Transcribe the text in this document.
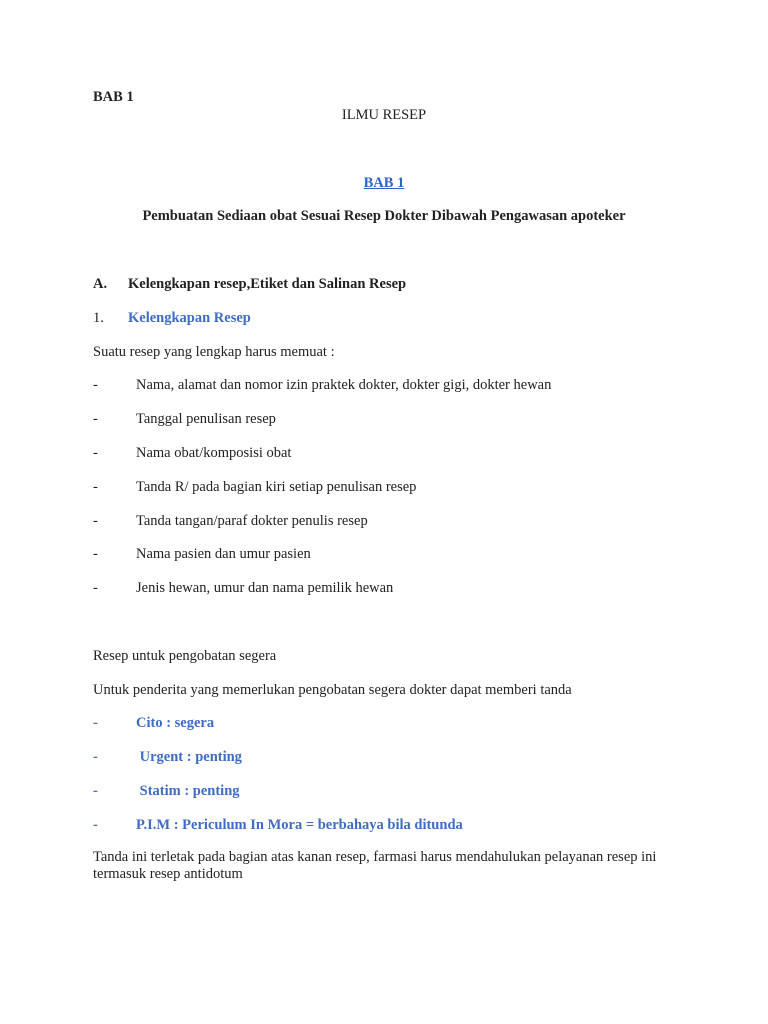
BAB 1
ILMU RESEP
BAB 1
Pembuatan Sediaan obat Sesuai Resep Dokter Dibawah Pengawasan apoteker
A. Kelengkapan resep,Etiket dan Salinan Resep
1. Kelengkapan Resep
Suatu resep yang lengkap harus memuat :
-	Nama, alamat dan nomor izin praktek dokter, dokter gigi, dokter hewan
-	Tanggal penulisan resep
-	Nama obat/komposisi obat
-	Tanda R/ pada bagian kiri setiap penulisan resep
-	Tanda tangan/paraf dokter penulis resep
-	Nama pasien dan umur pasien
-	Jenis hewan, umur dan nama pemilik hewan
Resep untuk pengobatan segera
Untuk penderita yang memerlukan pengobatan segera dokter dapat memberi tanda
-	Cito : segera
-	Urgent : penting
-	Statim : penting
-	P.I.M : Periculum In Mora = berbahaya bila ditunda
Tanda ini terletak pada bagian atas kanan resep, farmasi harus mendahulukan pelayanan resep ini termasuk resep antidotum
